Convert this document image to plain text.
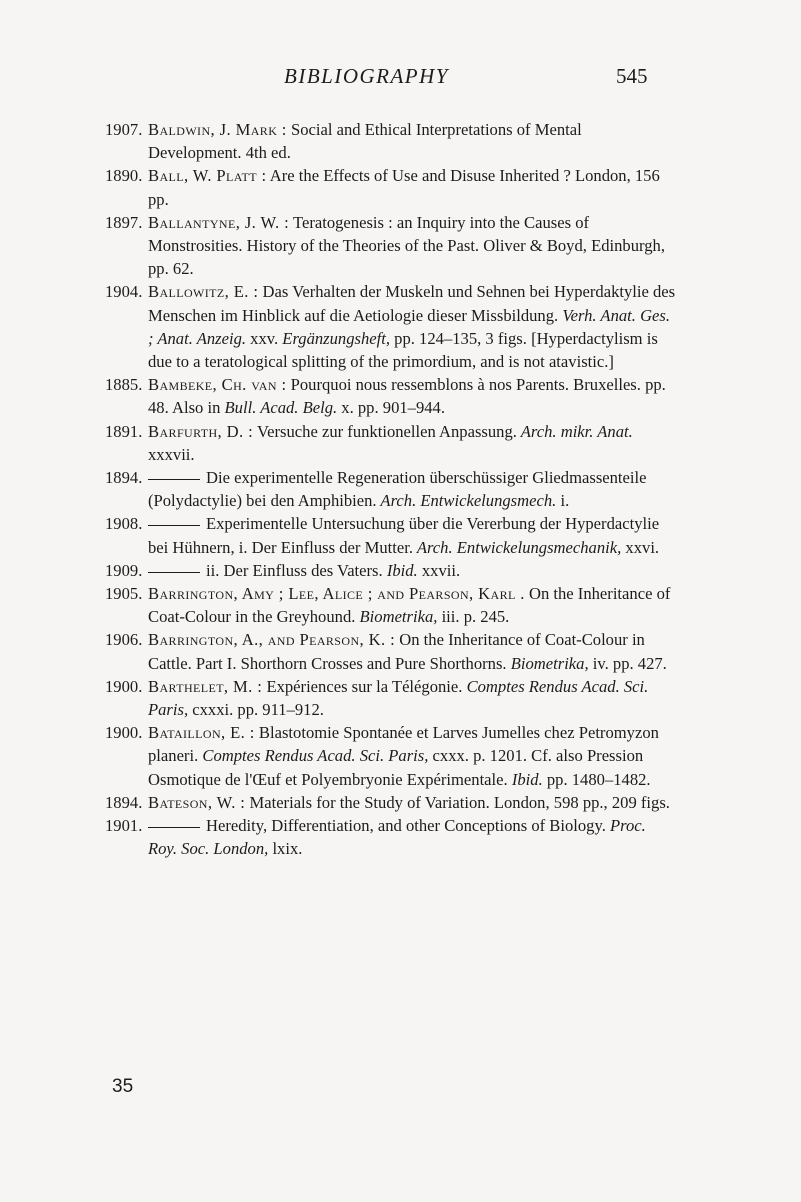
BIBLIOGRAPHY	545
1907. Baldwin, J. Mark : Social and Ethical Interpretations of Mental Development. 4th ed.
1890. Ball, W. Platt : Are the Effects of Use and Disuse Inherited ? London, 156 pp.
1897. Ballantyne, J. W. : Teratogenesis : an Inquiry into the Causes of Monstrosities. History of the Theories of the Past. Oliver & Boyd, Edinburgh, pp. 62.
1904. Ballowitz, E. : Das Verhalten der Muskeln und Sehnen bei Hyperdaktylie des Menschen im Hinblick auf die Aetiologie dieser Missbildung. Verh. Anat. Ges. ; Anat. Anzeig. xxv. Ergänzungsheft, pp. 124–135, 3 figs. [Hyperdactylism is due to a teratological splitting of the primordium, and is not atavistic.]
1885. Bambeke, Ch. van : Pourquoi nous ressemblons à nos Parents. Bruxelles. pp. 48. Also in Bull. Acad. Belg. x. pp. 901–944.
1891. Barfurth, D. : Versuche zur funktionellen Anpassung. Arch. mikr. Anat. xxxvii.
1894.	Die experimentelle Regeneration überschüssiger Gliedmassenteile (Polydactylie) bei den Amphibien. Arch. Entwickelungsmech. i.
1908.	Experimentelle Untersuchung über die Vererbung der Hyperdactylie bei Hühnern, i. Der Einfluss der Mutter. Arch. Entwickelungsmechanik, xxvi.
1909.	ii. Der Einfluss des Vaters. Ibid. xxvii.
1905. Barrington, Amy ; Lee, Alice ; and Pearson, Karl . On the Inheritance of Coat-Colour in the Greyhound. Biometrika, iii. p. 245.
1906. Barrington, A., and Pearson, K. : On the Inheritance of Coat-Colour in Cattle. Part I. Shorthorn Crosses and Pure Shorthorns. Biometrika, iv. pp. 427.
1900. Barthelet, M. : Expériences sur la Télégonie. Comptes Rendus Acad. Sci. Paris, cxxxi. pp. 911–912.
1900. Bataillon, E. : Blastotomie Spontanée et Larves Jumelles chez Petromyzon planeri. Comptes Rendus Acad. Sci. Paris, cxxx. p. 1201. Cf. also Pression Osmotique de l'Œuf et Polyembryonie Expérimentale. Ibid. pp. 1480–1482.
1894. Bateson, W. : Materials for the Study of Variation. London, 598 pp., 209 figs.
1901.	Heredity, Differentiation, and other Conceptions of Biology. Proc. Roy. Soc. London, lxix.
35
